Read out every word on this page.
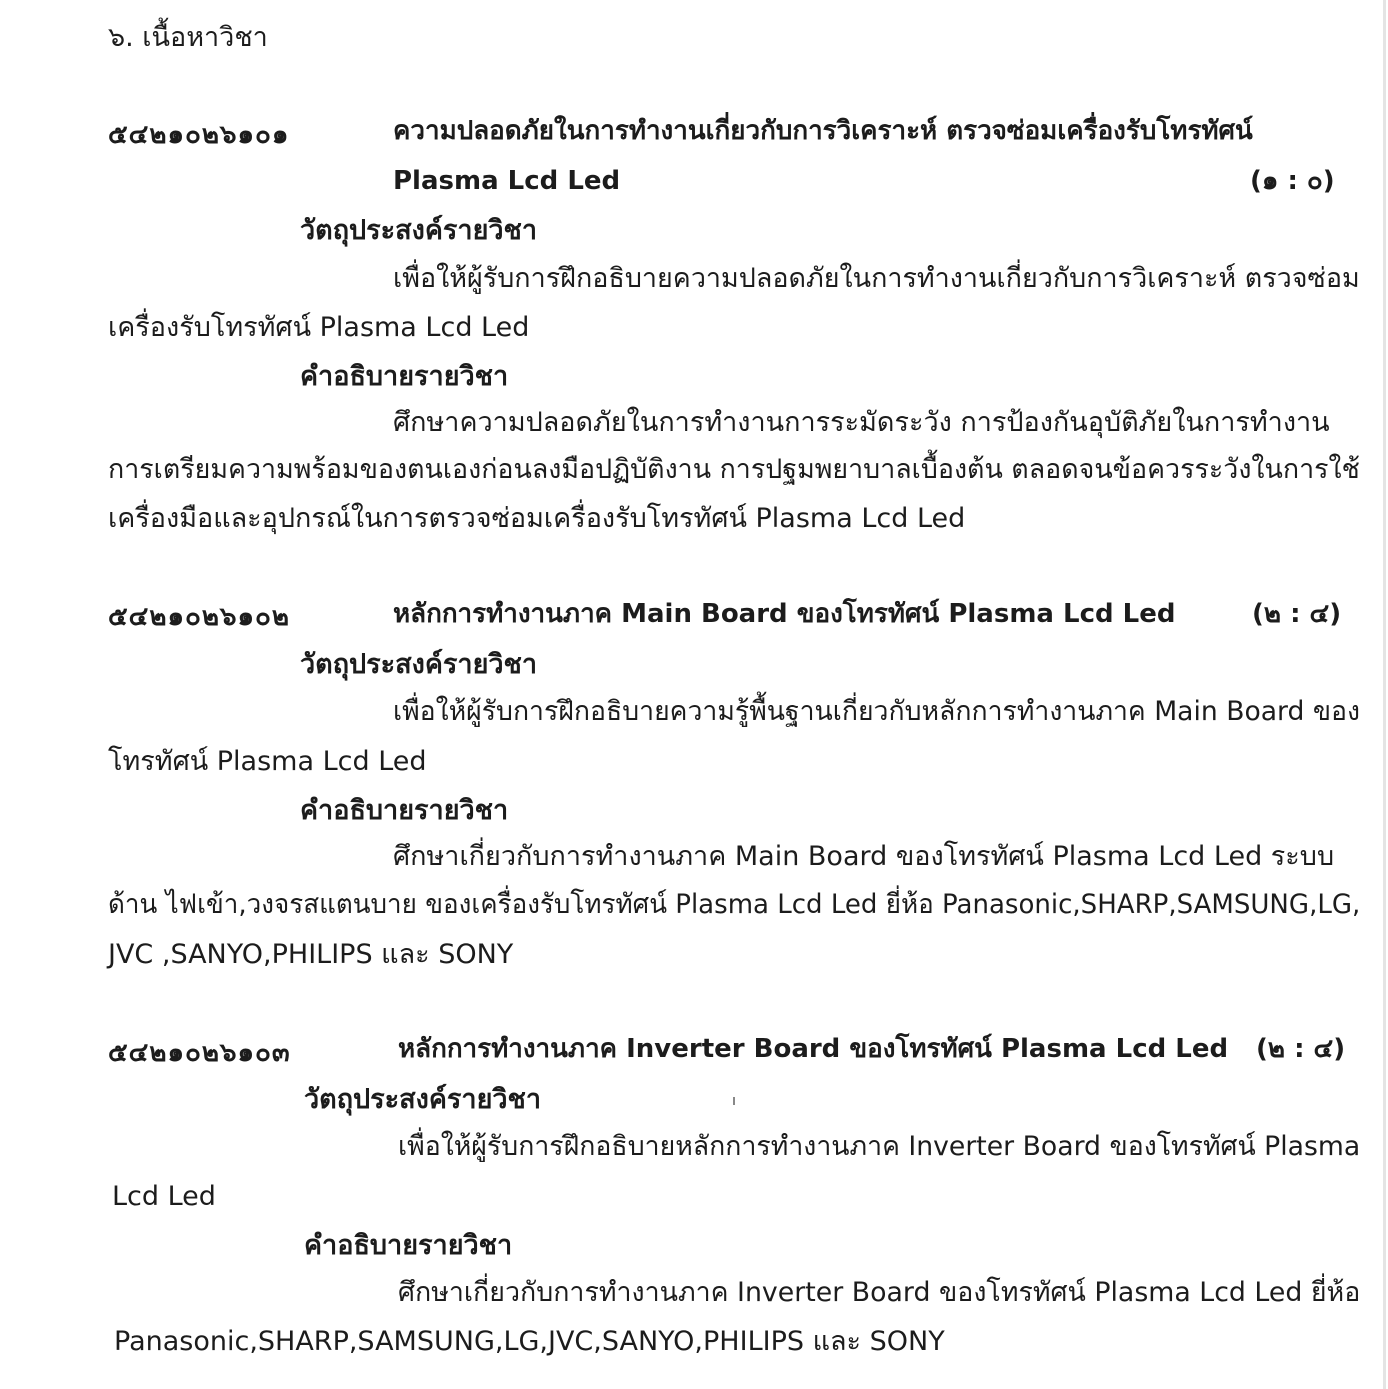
๖. เนื้อหาวิชา
๕๔๒๑๐๒๖๑๐๑	ความปลอดภัยในการทำงานเกี่ยวกับการวิเคราะห์ ตรวจซ่อมเครื่องรับโทรทัศน์
Plasma Lcd Led	(๑ : ๐)
วัตถุประสงค์รายวิชา
เพื่อให้ผู้รับการฝึกอธิบายความปลอดภัยในการทำงานเกี่ยวกับการวิเคราะห์ ตรวจซ่อม
เครื่องรับโทรทัศน์ Plasma Lcd Led
คำอธิบายรายวิชา
ศึกษาความปลอดภัยในการทำงานการระมัดระวัง การป้องกันอุบัติภัยในการทำงาน
การเตรียมความพร้อมของตนเองก่อนลงมือปฏิบัติงาน การปฐมพยาบาลเบื้องต้น ตลอดจนข้อควรระวังในการใช้
เครื่องมือและอุปกรณ์ในการตรวจซ่อมเครื่องรับโทรทัศน์ Plasma Lcd Led
๕๔๒๑๐๒๖๑๐๒	หลักการทำงานภาค Main Board ของโทรทัศน์ Plasma Lcd Led	(๒ : ๔)
วัตถุประสงค์รายวิชา
เพื่อให้ผู้รับการฝึกอธิบายความรู้พื้นฐานเกี่ยวกับหลักการทำงานภาค Main Board ของ
โทรทัศน์ Plasma Lcd Led
คำอธิบายรายวิชา
ศึกษาเกี่ยวกับการทำงานภาค Main Board ของโทรทัศน์ Plasma Lcd Led ระบบ
ด้าน ไฟเข้า,วงจรสแตนบาย ของเครื่องรับโทรทัศน์ Plasma Lcd Led ยี่ห้อ Panasonic,SHARP,SAMSUNG,LG,
JVC ,SANYO,PHILIPS และ SONY
๕๔๒๑๐๒๖๑๐๓	หลักการทำงานภาค Inverter Board ของโทรทัศน์ Plasma Lcd Led (๒ : ๔)
วัตถุประสงค์รายวิชา
เพื่อให้ผู้รับการฝึกอธิบายหลักการทำงานภาค Inverter Board ของโทรทัศน์ Plasma
Lcd Led
คำอธิบายรายวิชา
ศึกษาเกี่ยวกับการทำงานภาค Inverter Board ของโทรทัศน์ Plasma Lcd Led ยี่ห้อ
Panasonic,SHARP,SAMSUNG,LG,JVC,SANYO,PHILIPS และ SONY
